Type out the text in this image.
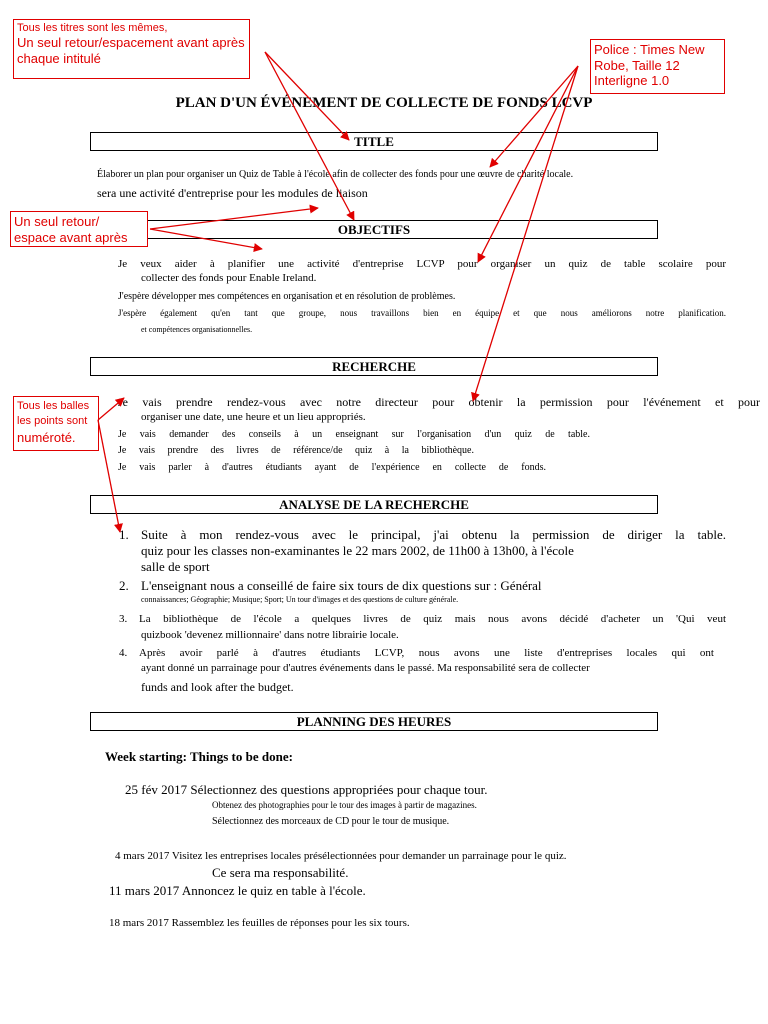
PLAN D'UN ÉVÉNEMENT DE COLLECTE DE FONDS LCVP
TITLE
Élaborer un plan pour organiser un Quiz de Table à l'école afin de collecter des fonds pour une œuvre de charité locale.
sera une activité d'entreprise pour les modules de liaison
OBJECTIFS
Je veux aider à planifier une activité d'entreprise LCVP pour organiser un quiz de table scolaire pour
collecter des fonds pour Enable Ireland.
J'espère développer mes compétences en organisation et en résolution de problèmes.
J'espère également qu'en tant que groupe, nous travaillons bien en équipe et que nous améliorons notre planification.
et compétences organisationnelles.
RECHERCHE
Je vais prendre rendez-vous avec notre directeur pour obtenir la permission pour l'événement et pour
organiser une date, une heure et un lieu appropriés.
Je vais demander des conseils à un enseignant sur l'organisation d'un quiz de table.
Je vais prendre des livres de référence/de quiz à la bibliothèque.
Je vais parler à d'autres étudiants ayant de l'expérience en collecte de fonds.
ANALYSE DE LA RECHERCHE
1. Suite à mon rendez-vous avec le principal, j'ai obtenu la permission de diriger la table.
quiz pour les classes non-examinantes le 22 mars 2002, de 11h00 à 13h00, à l'école
salle de sport
2. L'enseignant nous a conseillé de faire six tours de dix questions sur : Général
connaissances; Géographie; Musique; Sport; Un tour d'images et des questions de culture générale.
3. La bibliothèque de l'école a quelques livres de quiz mais nous avons décidé d'acheter un 'Qui veut
quizbook 'devenez millionnaire' dans notre librairie locale.
4. Après avoir parlé à d'autres étudiants LCVP, nous avons une liste d'entreprises locales qui ont
ayant donné un parrainage pour d'autres événements dans le passé. Ma responsabilité sera de collecter
funds and look after the budget.
PLANNING DES HEURES
Week starting: Things to be done:
25 fév 2017 Sélectionnez des questions appropriées pour chaque tour.
Obtenez des photographies pour le tour des images à partir de magazines.
Sélectionnez des morceaux de CD pour le tour de musique.
4 mars 2017 Visitez les entreprises locales présélectionnées pour demander un parrainage pour le quiz.
Ce sera ma responsabilité.
11 mars 2017 Annoncez le quiz en table à l'école.
18 mars 2017 Rassemblez les feuilles de réponses pour les six tours.
Tous les titres sont les mêmes,
Un seul retour/espacement avant après
chaque intitulé
Police : Times New
Robe, Taille 12
Interligne 1.0
Un seul retour/
espace avant après
Tous les balles
les points sont
numéroté.
